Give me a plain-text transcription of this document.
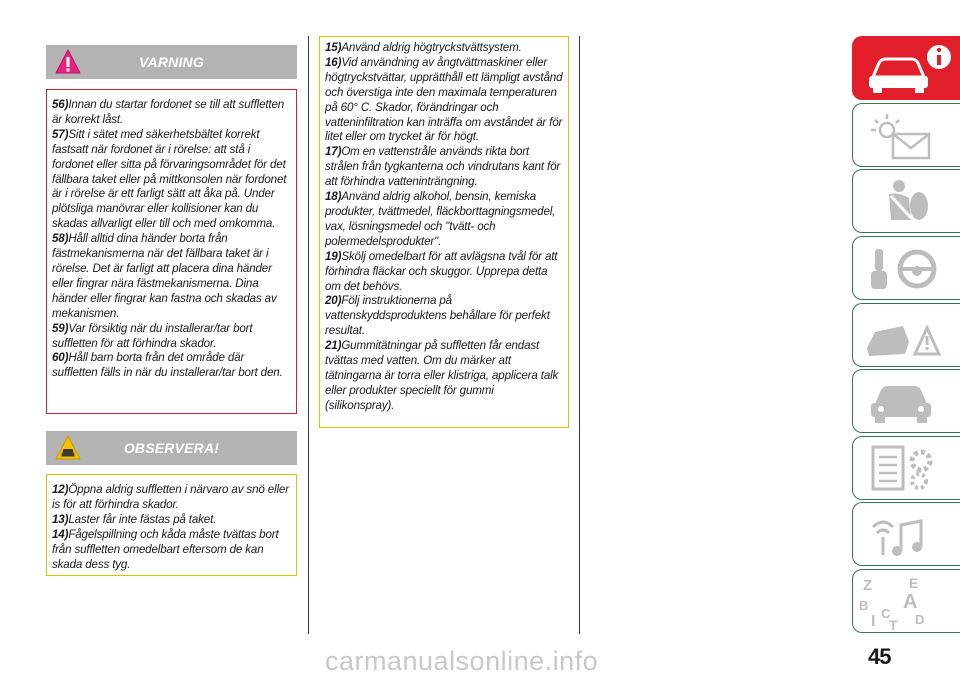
VARNING

56)Innan du startar fordonet se till att suffletten är korrekt låst.

57)Sitt i sätet med säkerhetsbältet korrekt fastsatt när fordonet är i rörelse: att stå i fordonet eller sitta på förvaringsområdet för det fällbara taket eller på mittkonsolen när fordonet är i rörelse är ett farligt sätt att åka på. Under plötsliga manövrar eller kollisioner kan du skadas allvarligt eller till och med omkomma.

58)Håll alltid dina händer borta från fästmekanismerna när det fällbara taket är i rörelse. Det är farligt att placera dina händer eller fingrar nära fästmekanismerna. Dina händer eller fingrar kan fastna och skadas av mekanismen.

59)Var försiktig när du installerar/tar bort suffletten för att förhindra skador.

60)Håll barn borta från det område där suffletten fälls in när du installerar/tar bort den.

OBSERVERA!

12)Öppna aldrig suffletten i närvaro av snö eller is för att förhindra skador.

13)Laster får inte fästas på taket.

14)Fågelspillning och kåda måste tvättas bort från suffletten omedelbart eftersom de kan skada dess tyg.

15)Använd aldrig högtryckstvättsystem.

16)Vid användning av ångtvättmaskiner eller högtryckstvättar, upprätthåll ett lämpligt avstånd och överstiga inte den maximala temperaturen på 60° C. Skador, förändringar och vatteninfiltration kan inträffa om avståndet är för litet eller om trycket är för högt.

17)Om en vattenstråle används rikta bort strålen från tygkanterna och vindrutans kant för att förhindra vatteninträngning.

18)Använd aldrig alkohol, bensin, kemiska produkter, tvättmedel, fläckborttagningsmedel, vax, lösningsmedel och "tvätt- och polermedelsprodukter".

19)Skölj omedelbart för att avlägsna tvål för att förhindra fläckar och skuggor. Upprepa detta om det behövs.

20)Följ instruktionerna på vattenskyddsproduktens behållare för perfekt resultat.

21)Gummitätningar på suffletten får endast tvättas med vatten. Om du märker att tätningarna är torra eller klistriga, applicera talk eller produkter speciellt för gummi (silikonspray).

Z	E
B A
I C
T D
45
carmanualsonline.info
